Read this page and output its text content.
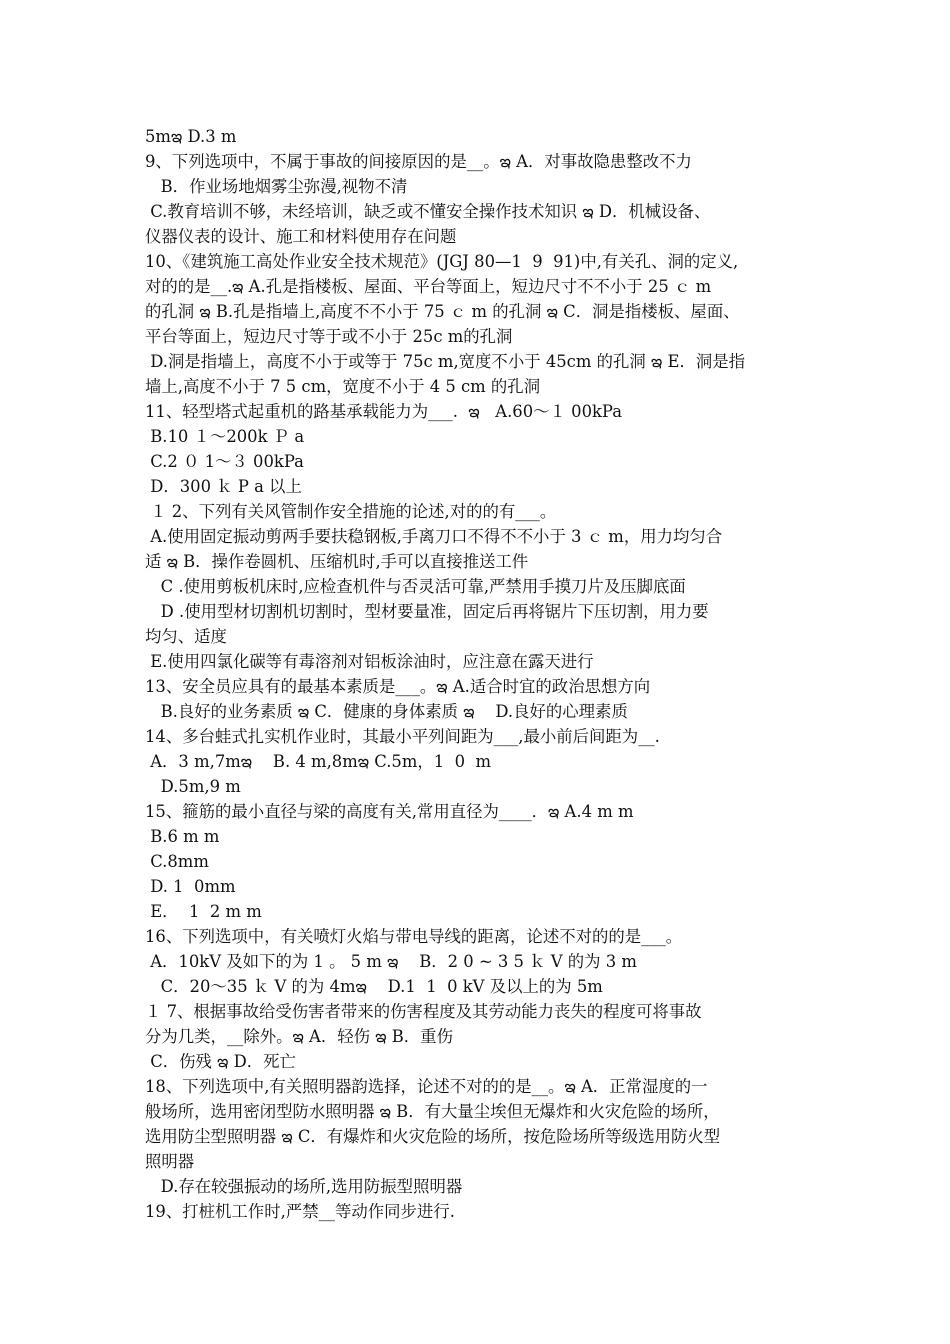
5mఇ D.3 m
9、下列选项中，不属于事故的间接原因的是__。ఇ A．对事故隐患整改不力
B．作业场地烟雾尘弥漫,视物不清
C.教育培训不够，未经培训，缺乏或不懂安全操作技术知识 ఇ D．机械设备、
仪器仪表的设计、施工和材料使用存在问题
10、《建筑施工高处作业安全技术规范》(JGJ 80—1  9  91)中,有关孔、洞的定义,
对的的是__.ఇ A.孔是指楼板、屋面、平台等面上，短边尺寸不不小于 25 ｃ m
的孔洞 ఇ B.孔是指墙上,高度不不小于 75 ｃ m 的孔洞 ఇ C．洞是指楼板、屋面、
平台等面上，短边尺寸等于或不小于 25c m的孔洞
D.洞是指墙上，高度不小于或等于 75c m,宽度不小于 45cm 的孔洞 ఇ E．洞是指
墙上,高度不小于 7 5 cm，宽度不小于 4 5 cm 的孔洞
11、轻型塔式起重机的路基承载能力为___.  ఇ   A.60～１ 00kPa
B.10 １～200k Ｐ a
C.2 ０ 1～３ 00kPa
D．300 ｋ P a 以上
１ 2、下列有关风管制作安全措施的论述,对的的有___。
A.使用固定振动剪两手要扶稳钢板,手离刀口不得不不小于 3 ｃ m，用力均匀合
适 ఇ B．操作卷圆机、压缩机时,手可以直接推送工件
C .使用剪板机床时,应检查机件与否灵活可靠,严禁用手摸刀片及压脚底面
D .使用型材切割机切割时，型材要量准，固定后再将锯片下压切割，用力要
均匀、适度
E.使用四氯化碳等有毒溶剂对铝板涂油时，应注意在露天进行
13、安全员应具有的最基本素质是___。ఇ A.适合时宜的政治思想方向
B.良好的业务素质 ఇ C．健康的身体素质 ఇ    D.良好的心理素质
14、多台蛙式扎实机作业时，其最小平列间距为___,最小前后间距为__.
A．3 m,7mఇ    B. 4 m,8mఇ C.5m，1  0  m
D.5m,9 m
15、箍筋的最小直径与梁的高度有关,常用直径为____．ఇ A.4 m m
B.6 m m
C.8mm
D. 1  0mm
E．  1  2 m m
16、下列选项中，有关喷灯火焰与带电导线的距离，论述不对的的是___。
A．10kV 及如下的为 1 。 5 m ఇ    B．2 0 ~ 3 5 ｋ V 的为 3 m
C．20～35 ｋ V 的为 4mఇ    D.1  1  0 kV 及以上的为 5m
１ 7、根据事故给受伤害者带来的伤害程度及其劳动能力丧失的程度可将事故
分为几类，__除外。ఇ A．轻伤 ఇ B．重伤
C．伤残 ఇ D．死亡
18、下列选项中,有关照明器韵选择，论述不对的的是__。ఇ A．正常湿度的一
般场所，选用密闭型防水照明器 ఇ B．有大量尘埃但无爆炸和火灾危险的场所，
选用防尘型照明器 ఇ C．有爆炸和火灾危险的场所，按危险场所等级选用防火型
照明器
D.存在较强振动的场所,选用防振型照明器
19、打桩机工作时,严禁__等动作同步进行.
